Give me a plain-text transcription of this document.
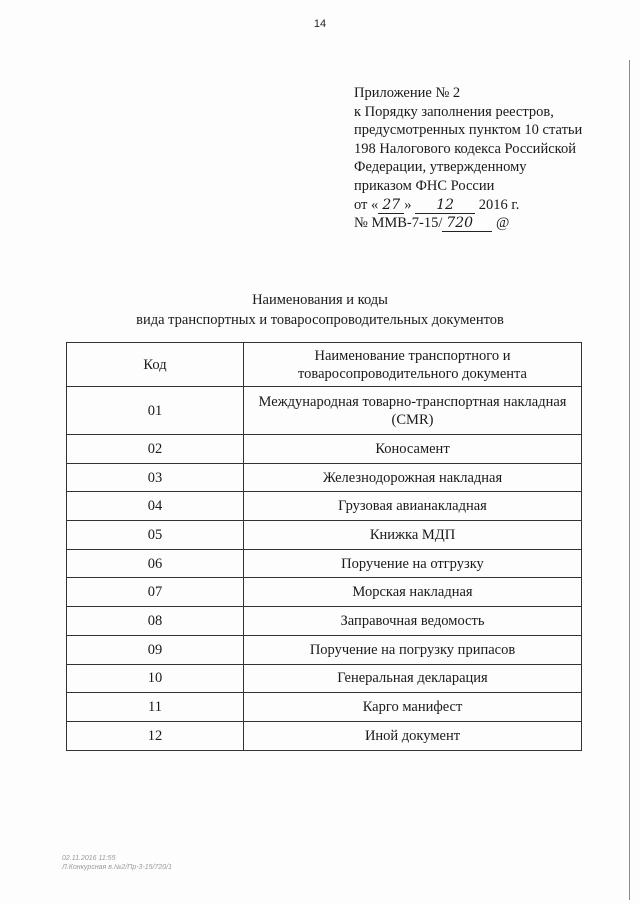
14
Приложение № 2
к Порядку заполнения реестров,
предусмотренных пунктом 10 статьи
198 Налогового кодекса Российской
Федерации, утвержденному
приказом ФНС России
от « 27 » 12 2016 г.
№ ММВ-7-15/ 720 @
Наименования и коды
вида транспортных и товаросопроводительных документов
Код	Наименование транспортного и
товаросопроводительного документа

01	Международная товарно-транспортная накладная
(CMR)

02	Коносамент
03	Железнодорожная накладная
04	Грузовая авианакладная
05	Книжка МДП
06	Поручение на отгрузку
07	Морская накладная
08	Заправочная ведомость
09	Поручение на погрузку припасов
10	Генеральная декларация
11	Карго манифест
12	Иной документ
02.11.2016 11:55
Л.Конкурсная в.№2/Пр-3-15/720/1
